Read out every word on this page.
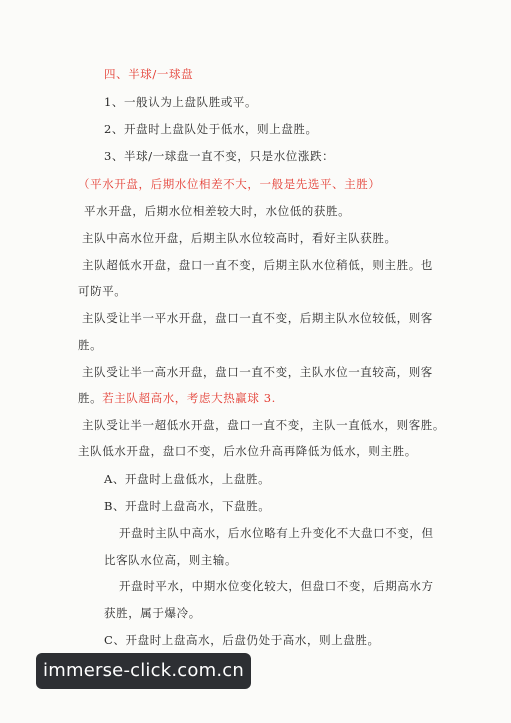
四、半球/一球盘
1、一般认为上盘队胜或平。
2、开盘时上盘队处于低水，则上盘胜。
3、半球/一球盘一直不变，只是水位涨跌：
（平水开盘，后期水位相差不大，一般是先选平、主胜）
平水开盘，后期水位相差较大时，水位低的获胜。
主队中高水位开盘，后期主队水位较高时，看好主队获胜。
主队超低水开盘，盘口一直不变，后期主队水位稍低，则主胜。也
可防平。
主队受让半一平水开盘，盘口一直不变，后期主队水位较低，则客
胜。
主队受让半一高水开盘，盘口一直不变，主队水位一直较高，则客
胜。若主队超高水，考虑大热赢球 3.
主队受让半一超低水开盘，盘口一直不变，主队一直低水，则客胜。
主队低水开盘，盘口不变，后水位升高再降低为低水，则主胜。
A、开盘时上盘低水，上盘胜。
B、开盘时上盘高水，下盘胜。
开盘时主队中高水，后水位略有上升变化不大盘口不变，但
比客队水位高，则主输。
开盘时平水，中期水位变化较大，但盘口不变，后期高水方
获胜，属于爆冷。
C、开盘时上盘高水，后盘仍处于高水，则上盘胜。
immerse-click.com.cn
